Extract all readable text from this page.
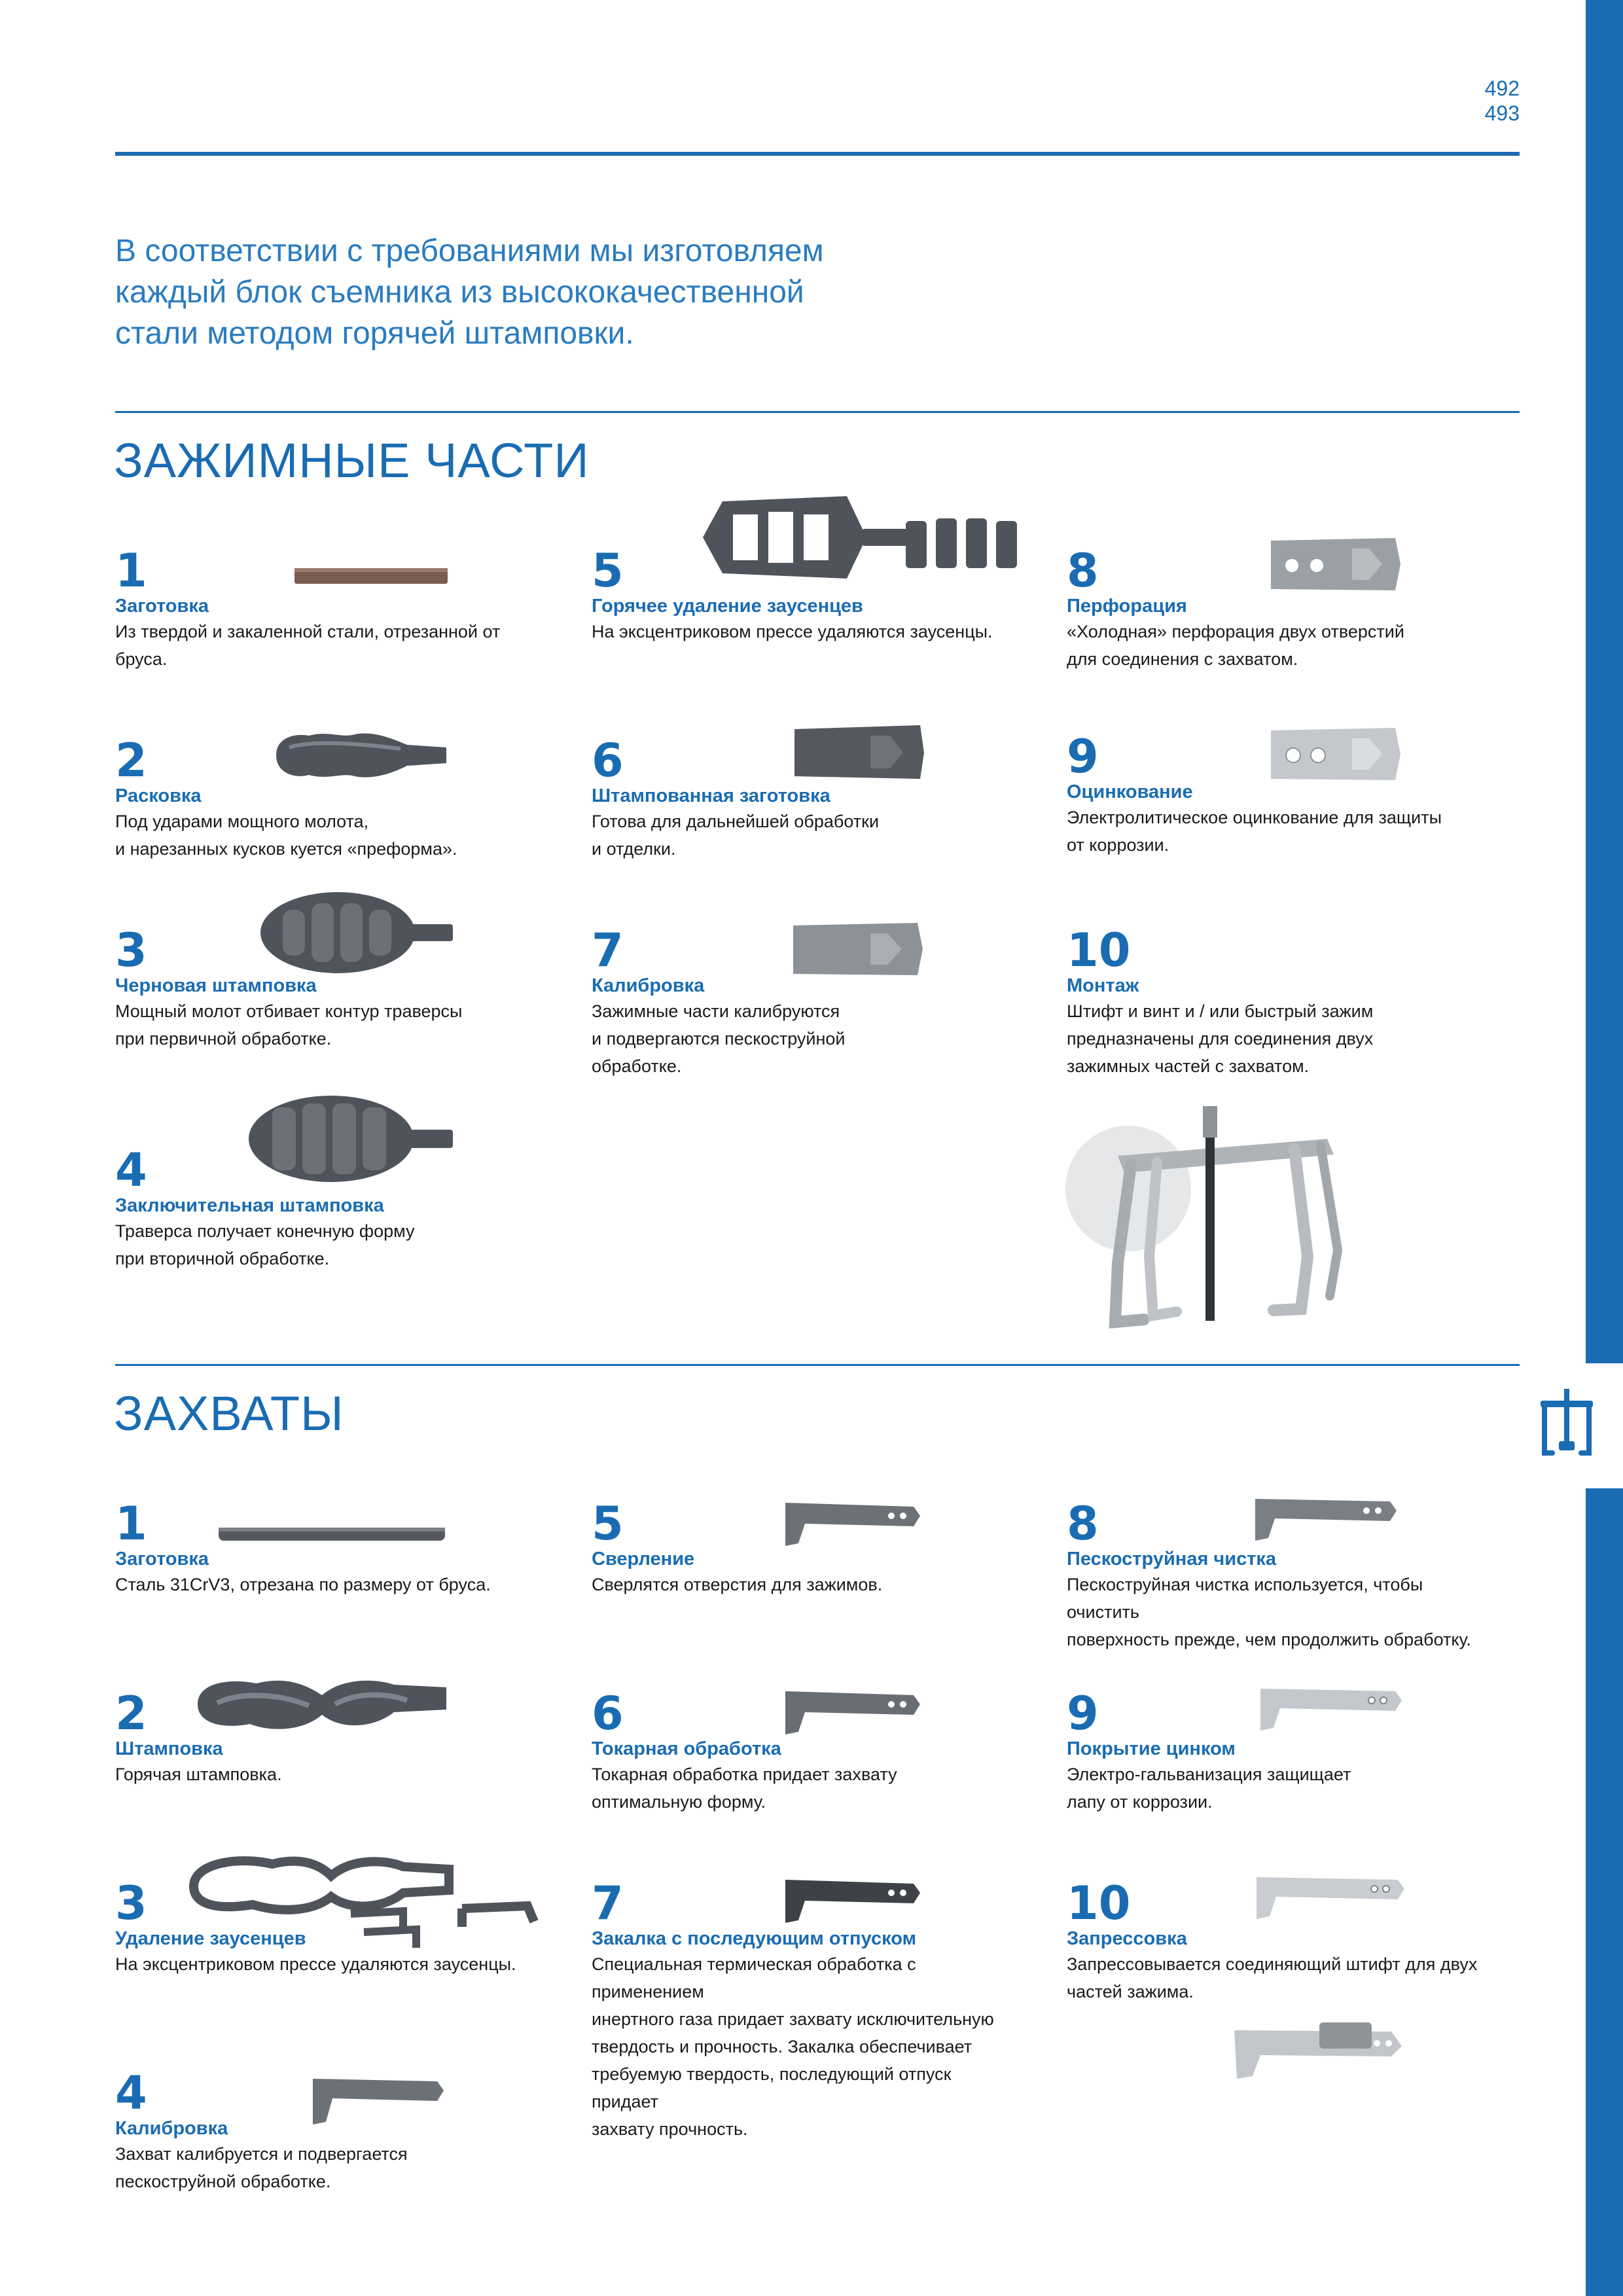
492
493
В соответствии с требованиями мы изготовляем
каждый блок съемника из высококачественной
стали методом горячей штамповки.
ЗАЖИМНЫЕ ЧАСТИ
1
Заготовка
Из твердой и закаленной стали, отрезанной от бруса.
2
Расковка
Под ударами мощного молота,
и нарезанных кусков куется «преформа».
3
Черновая штамповка
Мощный молот отбивает контур траверсы
при первичной обработке.
4
Заключительная штамповка
Траверса получает конечную форму
при вторичной обработке.
5
Горячее удаление заусенцев
На эксцентриковом прессе удаляются заусенцы.
6
Штампованная заготовка
Готова для дальнейшей обработки
и отделки.
7
Калибровка
Зажимные части калибруются
и подвергаются пескоструйной
обработке.
8
Перфорация
«Холодная» перфорация двух отверстий
для соединения с захватом.
9
Оцинкование
Электролитическое оцинкование для защиты
от коррозии.
10
Монтаж
Штифт и винт и / или быстрый зажим
предназначены для соединения двух
зажимных частей с захватом.
ЗАХВАТЫ
1
Заготовка
Сталь 31CrV3, отрезана по размеру от бруса.
2
Штамповка
Горячая штамповка.
3
Удаление заусенцев
На эксцентриковом прессе удаляются заусенцы.
4
Калибровка
Захват калибруется и подвергается
пескоструйной обработке.
5
Сверление
Сверлятся отверстия для зажимов.
6
Токарная обработка
Токарная обработка придает захвату
оптимальную форму.
7
Закалка с последующим отпуском
Специальная термическая обработка с применением
инертного газа придает захвату исключительную
твердость и прочность. Закалка обеспечивает
требуемую твердость, последующий отпуск придает
захвату прочность.
8
Пескоструйная чистка
Пескоструйная чистка используется, чтобы очистить
поверхность прежде, чем продолжить обработку.
9
Покрытие цинком
Электро-гальванизация защищает
лапу от коррозии.
10
Запрессовка
Запрессовывается соединяющий штифт для двух
частей зажима.
